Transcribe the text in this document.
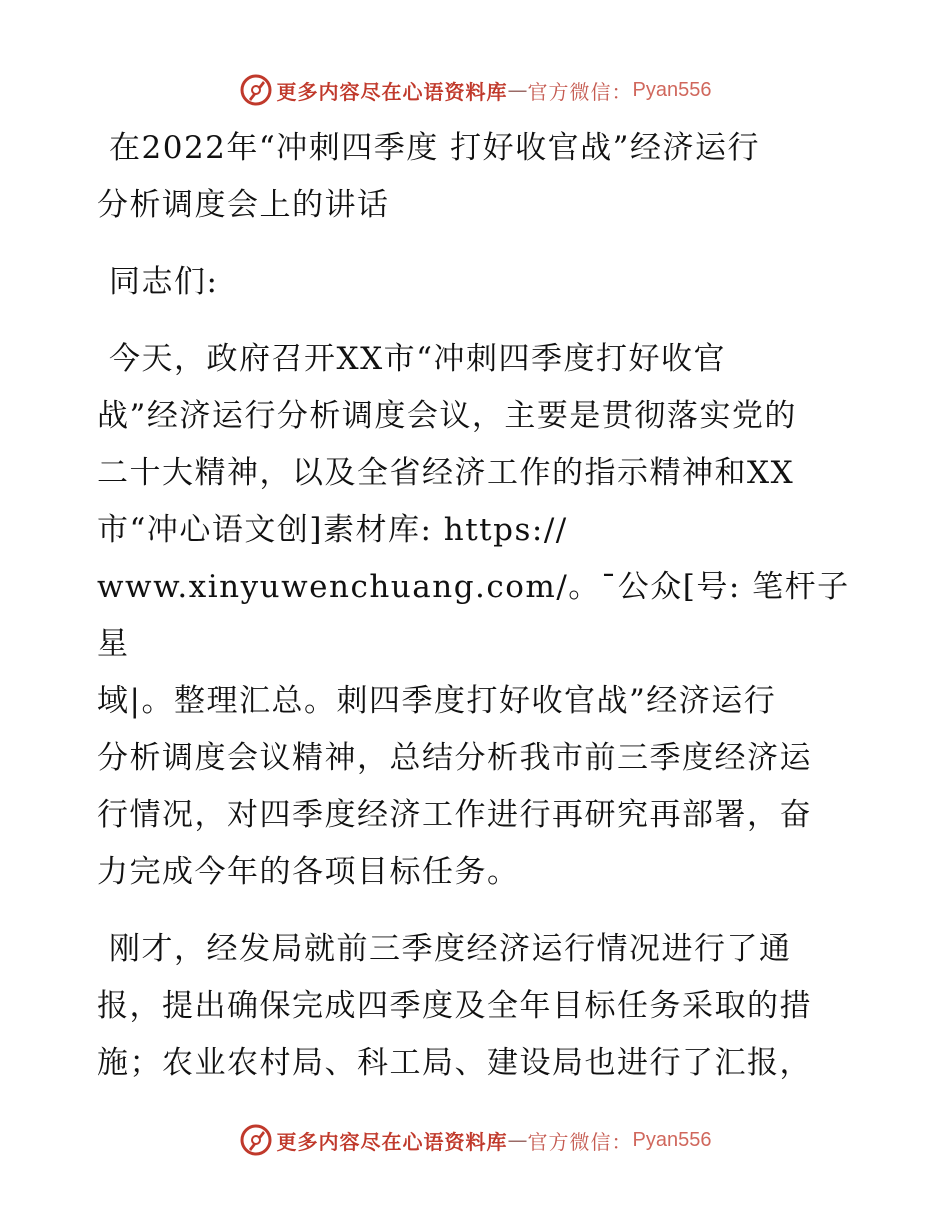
更多内容尽在心语资料库 — 官方微信： Pyan556

在2022年“冲刺四季度 打好收官战”经济运行
分析调度会上的讲话

同志们:

今天，政府召开XX市“冲刺四季度打好收官
战”经济运行分析调度会议，主要是贯彻落实党的
二十大精神，以及全省经济工作的指示精神和XX
市“冲心语文创]素材库: https://
www.xinyuwenchuang.com/。¯公众[号: 笔杆子星
域|。整理汇总。刺四季度打好收官战”经济运行
分析调度会议精神，总结分析我市前三季度经济运
行情况，对四季度经济工作进行再研究再部署，奋
力完成今年的各项目标任务。

刚才，经发局就前三季度经济运行情况进行了通
报，提出确保完成四季度及全年目标任务采取的措
施；农业农村局、科工局、建设局也进行了汇报，

更多内容尽在心语资料库 — 官方微信： Pyan556
